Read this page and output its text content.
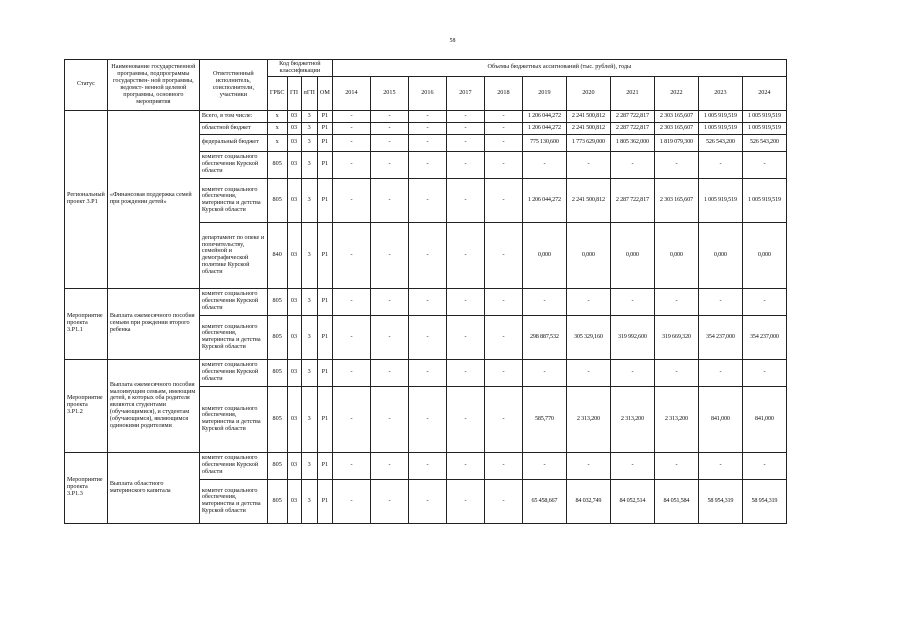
58
Статус	Наименование государственной программы, подпрограммы государствен- ной программы, ведомст- венной целевой программы, основного мероприятия	Ответственный исполнитель, соисполнители, участники	Код бюджетной классификации				Объемы бюджетных ассигнований (тыс. рублей), годы										
			ГРБС	ГП	пГП	ОМ	2014	2015	2016	2017	2018	2019	2020	2021	2022	2023	2024
Региональный проект 3.Р1	«Финансовая поддержка семей при рождении детей»	Всего, в том числе:	х	03	3	Р1	-	-	-	-	-	1 206 044,272	2 241 500,812	2 287 722,817	2 303 165,607	1 005 919,519	1 005 919,519
		областной бюджет	х	03	3	Р1	-	-	-	-	-	1 206 044,272	2 241 500,812	2 287 722,817	2 303 165,607	1 005 919,519	1 005 919,519
		федеральный бюджет	х	03	3	Р1	-	-	-	-	-	775 130,600	1 773 629,000	1 805 362,000	1 819 079,300	526 543,200	526 543,200
		комитет социального обеспечения Курской области	805	03	3	Р1	-	-	-	-	-	-	-	-	-	-	-
		комитет социального обеспечения, материнства и детства Курской области	805	03	3	Р1	-	-	-	-	-	1 206 044,272	2 241 500,812	2 287 722,817	2 303 165,607	1 005 919,519	1 005 919,519
		департамент по опеке и попечительству, семейной и демографической политике Курской области	840	03	3	Р1	-	-	-	-	-	0,000	0,000	0,000	0,000	0,000	0,000
Мероприятие проекта 3.Р1.1	Выплата ежемесячного пособия семьям при рождении второго ребенка	комитет социального обеспечения Курской области	805	03	3	Р1	-	-	-	-	-	-	-	-	-	-	-
		комитет социального обеспечения, материнства и детства Курской области	805	03	3	Р1	-	-	-	-	-	298 887,532	305 329,160	319 992,600	319 669,320	354 237,000	354 237,000
Мероприятие проекта 3.Р1.2	Выплата ежемесячного пособия малоимущим семьям, имеющим детей, в которых оба родителя являются студентами (обучающимися), и студентам (обучающимся), являющимся одинокими родителями	комитет социального обеспечения Курской области	805	03	3	Р1	-	-	-	-	-	-	-	-	-	-	-
		комитет социального обеспечения, материнства и детства Курской области	805	03	3	Р1	-	-	-	-	-	585,770	2 313,200	2 313,200	2 313,200	841,000	841,000
Мероприятие проекта 3.Р1.3	Выплата областного материнского капитала	комитет социального обеспечения Курской области	805	03	3	Р1	-	-	-	-	-	-	-	-	-	-	-
		комитет социального обеспечения, материнства и детства Курской области	805	03	3	Р1	-	-	-	-	-	65 458,667	84 032,749	84 052,514	84 051,584	58 954,319	58 954,319
